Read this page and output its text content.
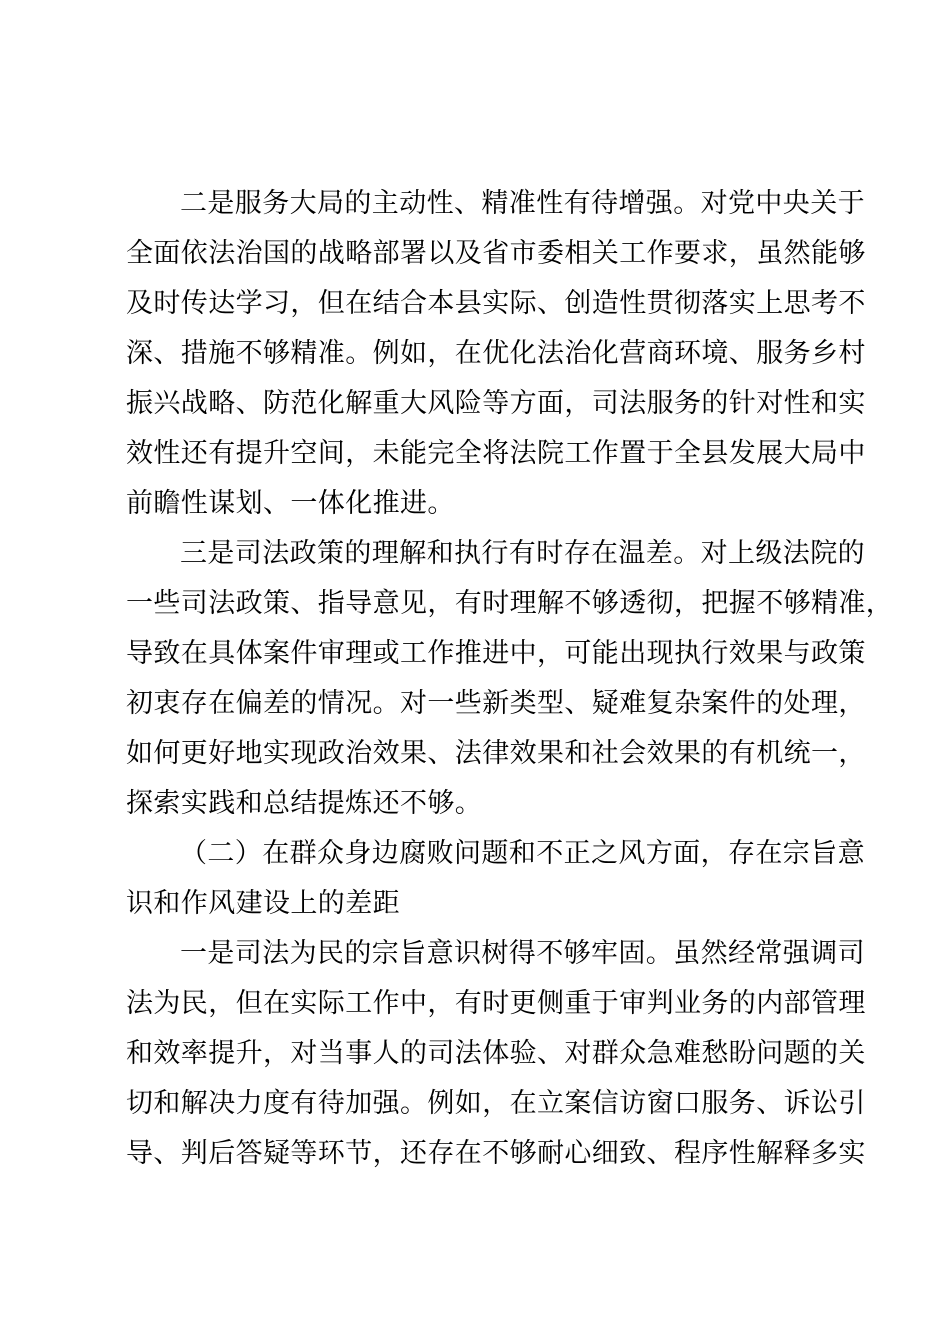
二是服务大局的主动性、精准性有待增强。对党中央关于
全面依法治国的战略部署以及省市委相关工作要求，虽然能够
及时传达学习，但在结合本县实际、创造性贯彻落实上思考不
深、措施不够精准。例如，在优化法治化营商环境、服务乡村
振兴战略、防范化解重大风险等方面，司法服务的针对性和实
效性还有提升空间，未能完全将法院工作置于全县发展大局中
前瞻性谋划、一体化推进。
三是司法政策的理解和执行有时存在温差。对上级法院的
一些司法政策、指导意见，有时理解不够透彻，把握不够精准，
导致在具体案件审理或工作推进中，可能出现执行效果与政策
初衷存在偏差的情况。对一些新类型、疑难复杂案件的处理，
如何更好地实现政治效果、法律效果和社会效果的有机统一，
探索实践和总结提炼还不够。
（二）在群众身边腐败问题和不正之风方面，存在宗旨意
识和作风建设上的差距
一是司法为民的宗旨意识树得不够牢固。虽然经常强调司
法为民，但在实际工作中，有时更侧重于审判业务的内部管理
和效率提升，对当事人的司法体验、对群众急难愁盼问题的关
切和解决力度有待加强。例如，在立案信访窗口服务、诉讼引
导、判后答疑等环节，还存在不够耐心细致、程序性解释多实
